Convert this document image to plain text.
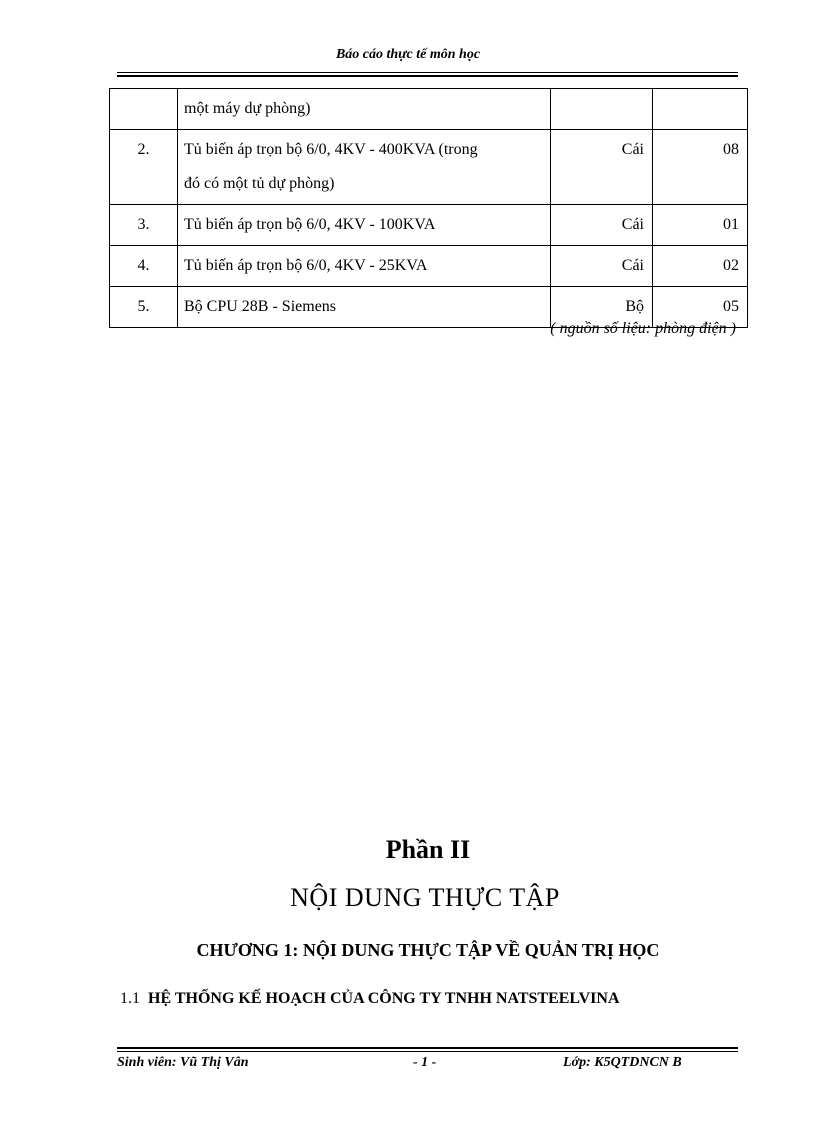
Báo cáo thực tế môn học
	một máy dự phòng)		
2.	Tủ biến áp trọn bộ 6/0, 4KV - 400KVA (trong
đó có một tủ dự phòng)	Cái	08
3.	Tủ biến áp trọn bộ 6/0, 4KV - 100KVA	Cái	01
4.	Tủ biến áp trọn bộ 6/0, 4KV - 25KVA	Cái	02
5.	Bộ CPU 28B - Siemens	Bộ	05
( nguồn số liệu: phòng điện )
Phần II
NỘI DUNG THỰC TẬP
CHƯƠNG 1: NỘI DUNG THỰC TẬP VỀ QUẢN TRỊ HỌC
1.1 HỆ THỐNG KẾ HOẠCH CỦA CÔNG TY TNHH NATSTEELVINA
Sinh viên: Vũ Thị Vân	- 1 -	Lớp: K5QTDNCN B
